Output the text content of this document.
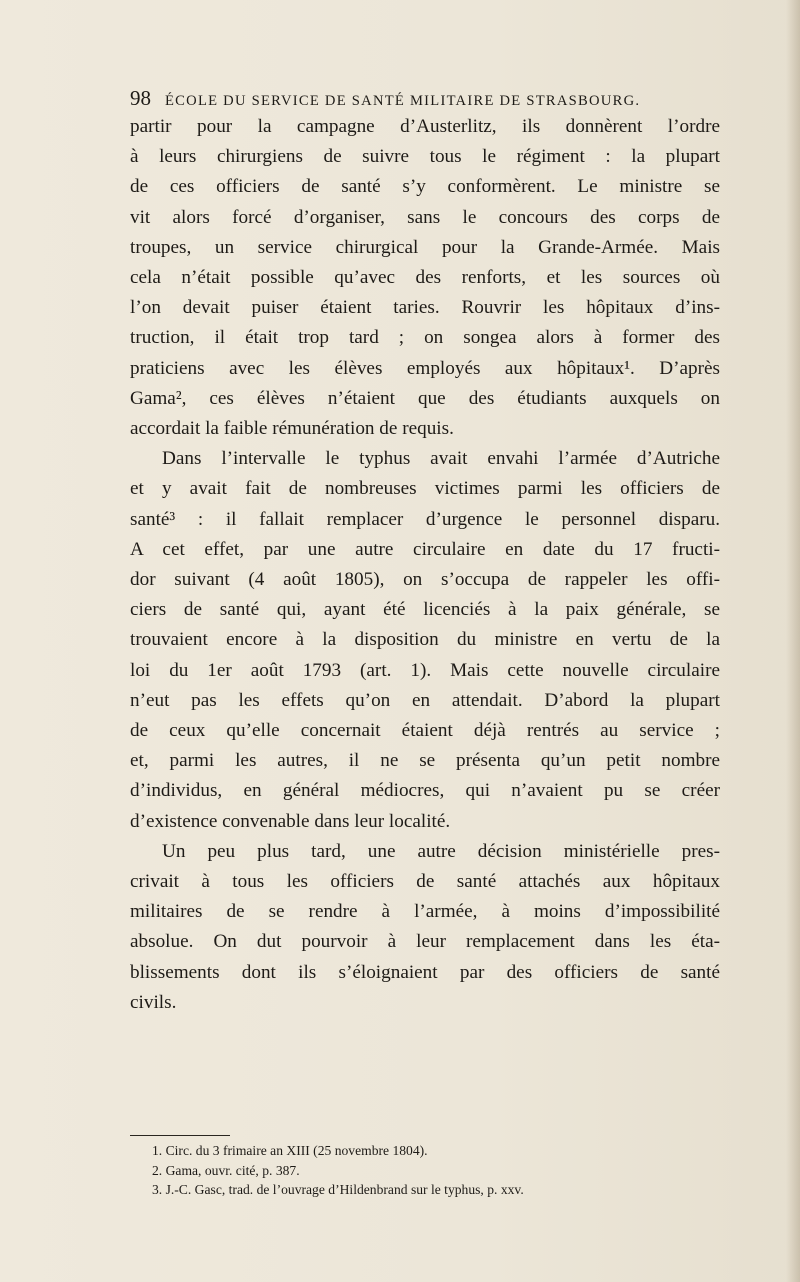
98 ÉCOLE DU SERVICE DE SANTÉ MILITAIRE DE STRASBOURG.
partir pour la campagne d’Austerlitz, ils donnèrent l’ordre
à leurs chirurgiens de suivre tous le régiment : la plupart
de ces officiers de santé s’y conformèrent. Le ministre se
vit alors forcé d’organiser, sans le concours des corps de
troupes, un service chirurgical pour la Grande-Armée. Mais
cela n’était possible qu’avec des renforts, et les sources où
l’on devait puiser étaient taries. Rouvrir les hôpitaux d’ins-
truction, il était trop tard ; on songea alors à former des
praticiens avec les élèves employés aux hôpitaux¹. D’après
Gama², ces élèves n’étaient que des étudiants auxquels on
accordait la faible rémunération de requis.
Dans l’intervalle le typhus avait envahi l’armée d’Autriche
et y avait fait de nombreuses victimes parmi les officiers de
santé³ : il fallait remplacer d’urgence le personnel disparu.
A cet effet, par une autre circulaire en date du 17 fructi-
dor suivant (4 août 1805), on s’occupa de rappeler les offi-
ciers de santé qui, ayant été licenciés à la paix générale, se
trouvaient encore à la disposition du ministre en vertu de la
loi du 1er août 1793 (art. 1). Mais cette nouvelle circulaire
n’eut pas les effets qu’on en attendait. D’abord la plupart
de ceux qu’elle concernait étaient déjà rentrés au service ;
et, parmi les autres, il ne se présenta qu’un petit nombre
d’individus, en général médiocres, qui n’avaient pu se créer
d’existence convenable dans leur localité.
Un peu plus tard, une autre décision ministérielle pres-
crivait à tous les officiers de santé attachés aux hôpitaux
militaires de se rendre à l’armée, à moins d’impossibilité
absolue. On dut pourvoir à leur remplacement dans les éta-
blissements dont ils s’éloignaient par des officiers de santé
civils.
1. Circ. du 3 frimaire an XIII (25 novembre 1804).
2. Gama, ouvr. cité, p. 387.
3. J.-C. Gasc, trad. de l’ouvrage d’Hildenbrand sur le typhus, p. xxv.
